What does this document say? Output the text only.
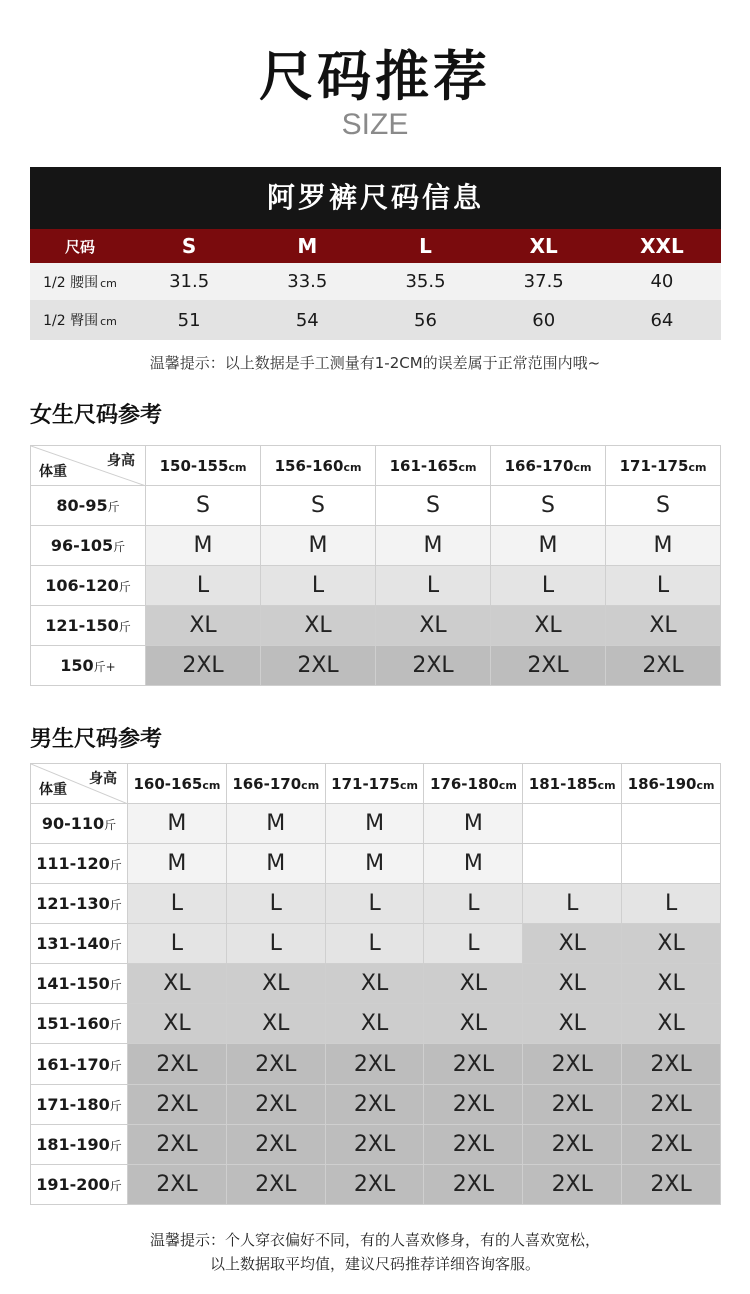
尺码推荐
SIZE
阿罗裤尺码信息
尺码	S	M	L	XL	XXL
1/2 腰围 cm	31.5	33.5	35.5	37.5	40
1/2 臀围 cm	51	54	56	60	64
温馨提示：以上数据是手工测量有1-2CM的误差属于正常范围内哦~
女生尺码参考
身高
体重	150-155cm	156-160cm	161-165cm	166-170cm	171-175cm
80-95斤	S	S	S	S	S
96-105斤	M	M	M	M	M
106-120斤	L	L	L	L	L
121-150斤	XL	XL	XL	XL	XL
150斤+	2XL	2XL	2XL	2XL	2XL
男生尺码参考
身高
体重	160-165cm	166-170cm	171-175cm	176-180cm	181-185cm	186-190cm
90-110斤	M	M	M	M		
111-120斤	M	M	M	M		
121-130斤	L	L	L	L	L	L
131-140斤	L	L	L	L	XL	XL
141-150斤	XL	XL	XL	XL	XL	XL
151-160斤	XL	XL	XL	XL	XL	XL
161-170斤	2XL	2XL	2XL	2XL	2XL	2XL
171-180斤	2XL	2XL	2XL	2XL	2XL	2XL
181-190斤	2XL	2XL	2XL	2XL	2XL	2XL
191-200斤	2XL	2XL	2XL	2XL	2XL	2XL
温馨提示：个人穿衣偏好不同，有的人喜欢修身，有的人喜欢宽松，
以上数据取平均值，建议尺码推荐详细咨询客服。
